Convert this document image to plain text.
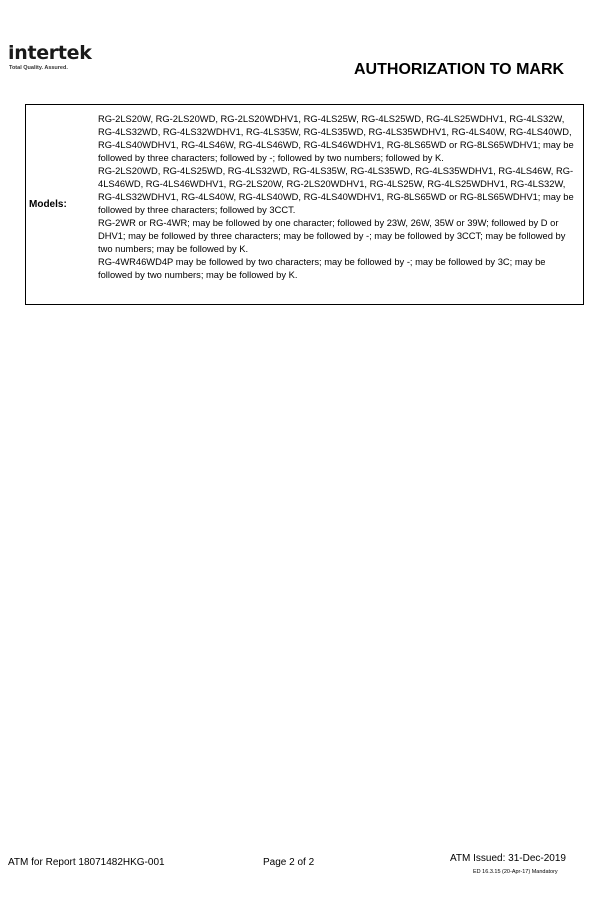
intertek
Total Quality. Assured.	AUTHORIZATION TO MARK
Models:

RG-2LS20W, RG-2LS20WD, RG-2LS20WDHV1, RG-4LS25W, RG-4LS25WD, RG-4LS25WDHV1, RG-4LS32W, RG-4LS32WD, RG-4LS32WDHV1, RG-4LS35W, RG-4LS35WD, RG-4LS35WDHV1, RG-4LS40W, RG-4LS40WD, RG-4LS40WDHV1, RG-4LS46W, RG-4LS46WD, RG-4LS46WDHV1, RG-8LS65WD or RG-8LS65WDHV1; may be followed by three characters; followed by -; followed by two numbers; followed by K.

RG-2LS20WD, RG-4LS25WD, RG-4LS32WD, RG-4LS35W, RG-4LS35WD, RG-4LS35WDHV1, RG-4LS46W, RG-4LS46WD, RG-4LS46WDHV1, RG-2LS20W, RG-2LS20WDHV1, RG-4LS25W, RG-4LS25WDHV1, RG-4LS32W, RG-4LS32WDHV1, RG-4LS40W, RG-4LS40WD, RG-4LS40WDHV1, RG-8LS65WD or RG-8LS65WDHV1; may be followed by three characters; followed by 3CCT.

RG-2WR or RG-4WR; may be followed by one character; followed by 23W, 26W, 35W or 39W; followed by D or DHV1; may be followed by three characters; may be followed by -; may be followed by 3CCT; may be followed by two numbers; may be followed by K.

RG-4WR46WD4P may be followed by two characters; may be followed by -; may be followed by 3C; may be followed by two numbers; may be followed by K.

ATM for Report 18071482HKG-001	Page 2 of 2	ATM Issued: 31-Dec-2019
ED 16.3.15 (20-Apr-17) Mandatory
